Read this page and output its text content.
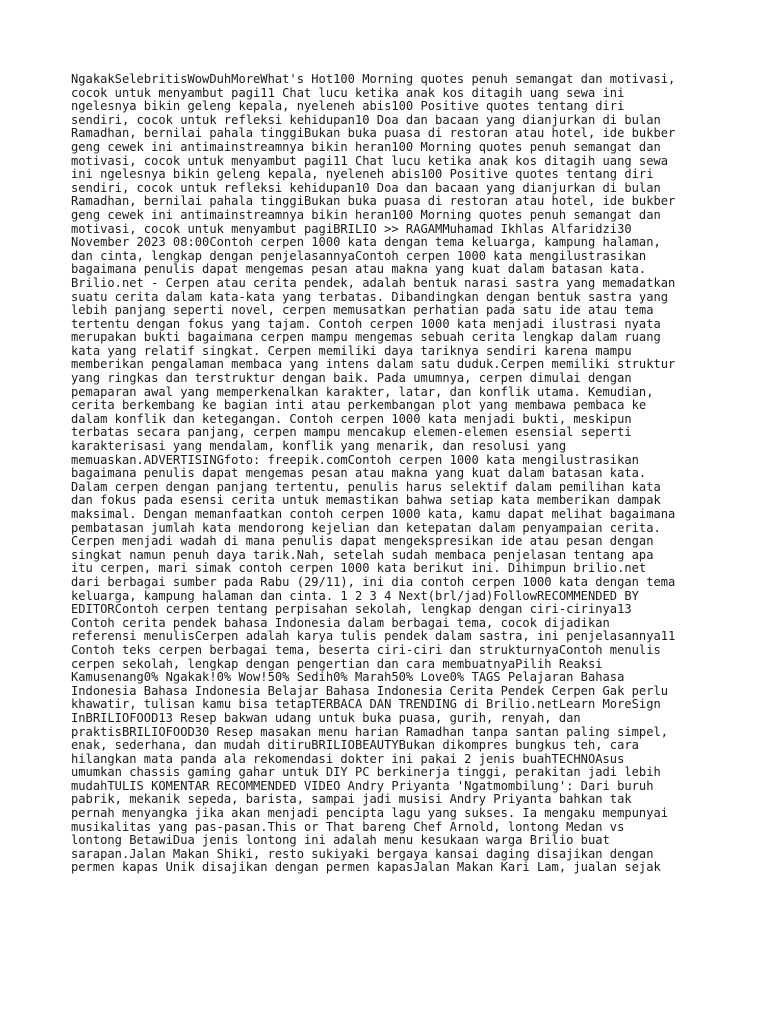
NgakakSelebritisWowDuhMoreWhat's Hot100 Morning quotes penuh semangat dan motivasi,
cocok untuk menyambut pagi11 Chat lucu ketika anak kos ditagih uang sewa ini
ngelesnya bikin geleng kepala, nyeleneh abis100 Positive quotes tentang diri
sendiri, cocok untuk refleksi kehidupan10 Doa dan bacaan yang dianjurkan di bulan
Ramadhan, bernilai pahala tinggiBukan buka puasa di restoran atau hotel, ide bukber
geng cewek ini antimainstreamnya bikin heran100 Morning quotes penuh semangat dan
motivasi, cocok untuk menyambut pagi11 Chat lucu ketika anak kos ditagih uang sewa
ini ngelesnya bikin geleng kepala, nyeleneh abis100 Positive quotes tentang diri
sendiri, cocok untuk refleksi kehidupan10 Doa dan bacaan yang dianjurkan di bulan
Ramadhan, bernilai pahala tinggiBukan buka puasa di restoran atau hotel, ide bukber
geng cewek ini antimainstreamnya bikin heran100 Morning quotes penuh semangat dan
motivasi, cocok untuk menyambut pagiBRILIO >> RAGAMMuhamad Ikhlas Alfaridzi30
November 2023 08:00Contoh cerpen 1000 kata dengan tema keluarga, kampung halaman,
dan cinta, lengkap dengan penjelasannyaContoh cerpen 1000 kata mengilustrasikan
bagaimana penulis dapat mengemas pesan atau makna yang kuat dalam batasan kata.
Brilio.net - Cerpen atau cerita pendek, adalah bentuk narasi sastra yang memadatkan
suatu cerita dalam kata-kata yang terbatas. Dibandingkan dengan bentuk sastra yang
lebih panjang seperti novel, cerpen memusatkan perhatian pada satu ide atau tema
tertentu dengan fokus yang tajam. Contoh cerpen 1000 kata menjadi ilustrasi nyata
merupakan bukti bagaimana cerpen mampu mengemas sebuah cerita lengkap dalam ruang
kata yang relatif singkat. Cerpen memiliki daya tariknya sendiri karena mampu
memberikan pengalaman membaca yang intens dalam satu duduk.Cerpen memiliki struktur
yang ringkas dan terstruktur dengan baik. Pada umumnya, cerpen dimulai dengan
pemaparan awal yang memperkenalkan karakter, latar, dan konflik utama. Kemudian,
cerita berkembang ke bagian inti atau perkembangan plot yang membawa pembaca ke
dalam konflik dan ketegangan. Contoh cerpen 1000 kata menjadi bukti, meskipun
terbatas secara panjang, cerpen mampu mencakup elemen-elemen esensial seperti
karakterisasi yang mendalam, konflik yang menarik, dan resolusi yang
memuaskan.ADVERTISINGfoto: freepik.comContoh cerpen 1000 kata mengilustrasikan
bagaimana penulis dapat mengemas pesan atau makna yang kuat dalam batasan kata.
Dalam cerpen dengan panjang tertentu, penulis harus selektif dalam pemilihan kata
dan fokus pada esensi cerita untuk memastikan bahwa setiap kata memberikan dampak
maksimal. Dengan memanfaatkan contoh cerpen 1000 kata, kamu dapat melihat bagaimana
pembatasan jumlah kata mendorong kejelian dan ketepatan dalam penyampaian cerita.
Cerpen menjadi wadah di mana penulis dapat mengekspresikan ide atau pesan dengan
singkat namun penuh daya tarik.Nah, setelah sudah membaca penjelasan tentang apa
itu cerpen, mari simak contoh cerpen 1000 kata berikut ini. Dihimpun brilio.net
dari berbagai sumber pada Rabu (29/11), ini dia contoh cerpen 1000 kata dengan tema
keluarga, kampung halaman dan cinta. 1 2 3 4 Next(brl/jad)FollowRECOMMENDED BY
EDITORContoh cerpen tentang perpisahan sekolah, lengkap dengan ciri-cirinya13
Contoh cerita pendek bahasa Indonesia dalam berbagai tema, cocok dijadikan
referensi menulisCerpen adalah karya tulis pendek dalam sastra, ini penjelasannya11
Contoh teks cerpen berbagai tema, beserta ciri-ciri dan strukturnyaContoh menulis
cerpen sekolah, lengkap dengan pengertian dan cara membuatnyaPilih Reaksi
Kamusenang0% Ngakak!0% Wow!50% Sedih0% Marah50% Love0% TAGS Pelajaran Bahasa
Indonesia Bahasa Indonesia Belajar Bahasa Indonesia Cerita Pendek Cerpen Gak perlu
khawatir, tulisan kamu bisa tetapTERBACA DAN TRENDING di Brilio.netLearn MoreSign
InBRILIOFOOD13 Resep bakwan udang untuk buka puasa, gurih, renyah, dan
praktisBRILIOFOOD30 Resep masakan menu harian Ramadhan tanpa santan paling simpel,
enak, sederhana, dan mudah ditiruBRILIOBEAUTYBukan dikompres bungkus teh, cara
hilangkan mata panda ala rekomendasi dokter ini pakai 2 jenis buahTECHNOAsus
umumkan chassis gaming gahar untuk DIY PC berkinerja tinggi, perakitan jadi lebih
mudahTULIS KOMENTAR RECOMMENDED VIDEO Andry Priyanta 'Ngatmombilung': Dari buruh
pabrik, mekanik sepeda, barista, sampai jadi musisi Andry Priyanta bahkan tak
pernah menyangka jika akan menjadi pencipta lagu yang sukses. Ia mengaku mempunyai
musikalitas yang pas-pasan.This or That bareng Chef Arnold, lontong Medan vs
lontong BetawiDua jenis lontong ini adalah menu kesukaan warga Brilio buat
sarapan.Jalan Makan Shiki, resto sukiyaki bergaya kansai daging disajikan dengan
permen kapas Unik disajikan dengan permen kapasJalan Makan Kari Lam, jualan sejak
